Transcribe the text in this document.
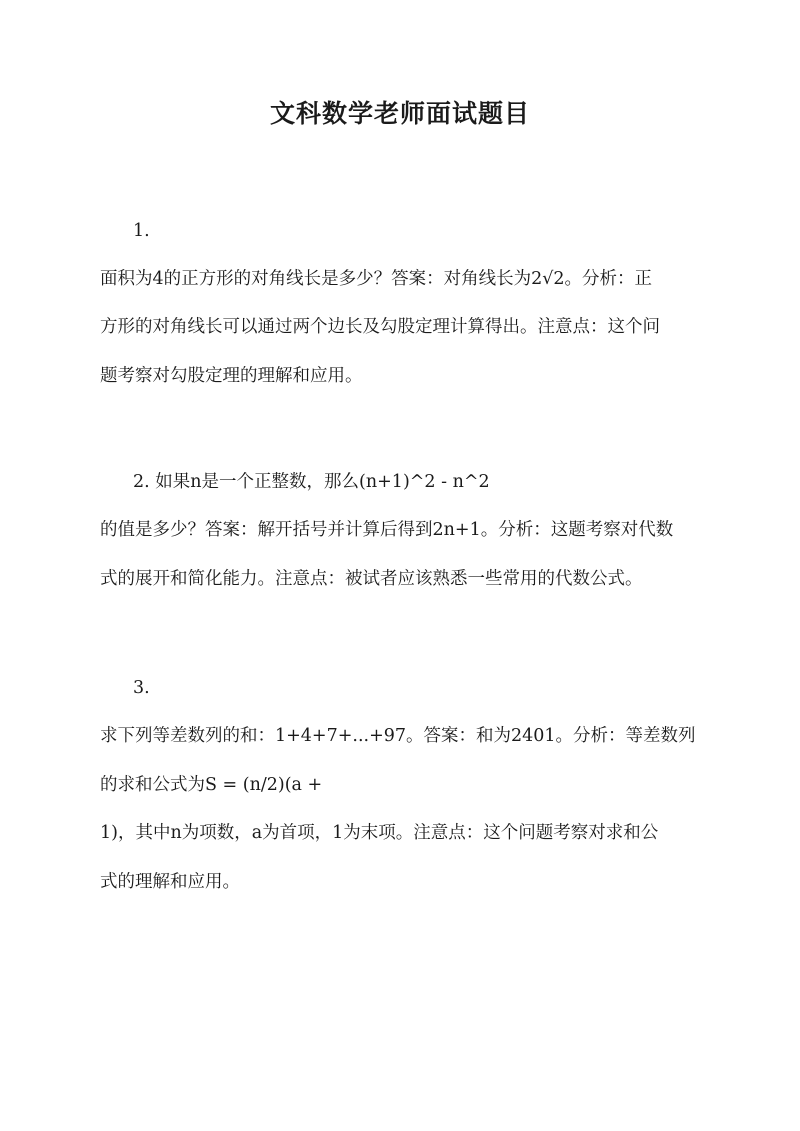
文科数学老师面试题目
1.
面积为4的正方形的对角线长是多少？答案：对角线长为2√2。分析：正
方形的对角线长可以通过两个边长及勾股定理计算得出。注意点：这个问
题考察对勾股定理的理解和应用。
2. 如果n是一个正整数，那么(n+1)^2 - n^2
的值是多少？答案：解开括号并计算后得到2n+1。分析：这题考察对代数
式的展开和简化能力。注意点：被试者应该熟悉一些常用的代数公式。
3.
求下列等差数列的和：1+4+7+...+97。答案：和为2401。分析：等差数列
的求和公式为S = (n/2)(a +
1)，其中n为项数，a为首项，1为末项。注意点：这个问题考察对求和公
式的理解和应用。
